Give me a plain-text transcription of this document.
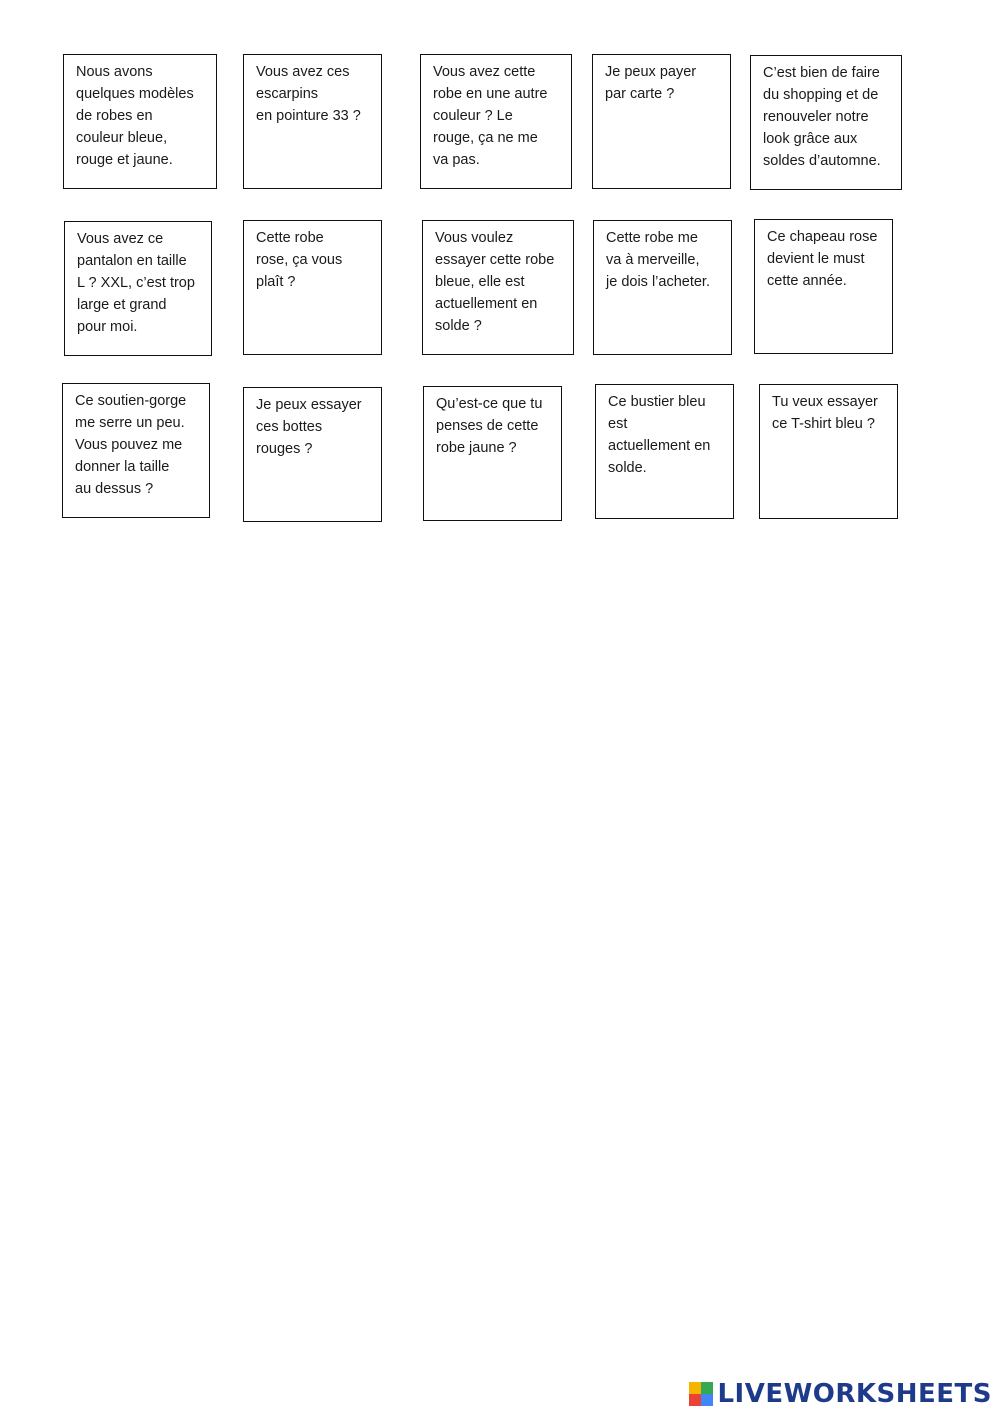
Nous avons
quelques modèles
de robes en
couleur bleue,
rouge et jaune.

Vous avez ces
escarpins
en pointure 33 ?

Vous avez cette
robe en une autre
couleur ? Le
rouge, ça ne me
va pas.

Je peux payer
par carte ?

C’est bien de faire
du shopping et de
renouveler notre
look grâce aux
soldes d’automne.

Vous avez ce
pantalon en taille
L ? XXL, c’est trop
large et grand
pour moi.

Cette robe
rose, ça vous
plaît ?

Vous voulez
essayer cette robe
bleue, elle est
actuellement en
solde ?

Cette robe me
va à merveille,
je dois l’acheter.

Ce chapeau rose
devient le must
cette année.

Ce soutien-gorge
me serre un peu.
Vous pouvez me
donner la taille
au dessus ?

Je peux essayer
ces bottes
rouges ?

Qu’est-ce que tu
penses de cette
robe jaune ?

Ce bustier bleu
est
actuellement en
solde.

Tu veux essayer
ce T-shirt bleu ?

LIVEWORKSHEETS
